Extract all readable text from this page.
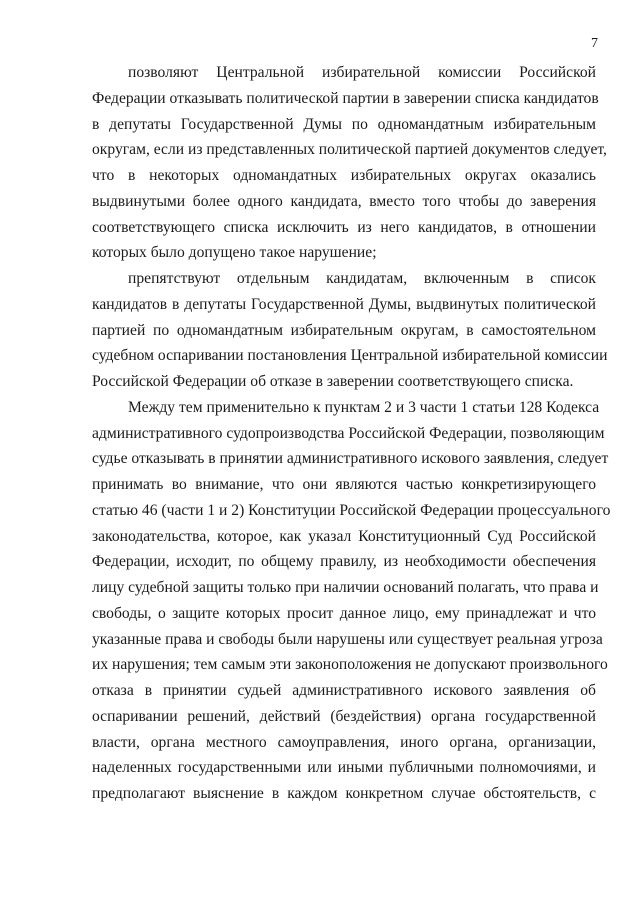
7
позволяют Центральной избирательной комиссии Российской
Федерации отказывать политической партии в заверении списка кандидатов
в депутаты Государственной Думы по одномандатным избирательным
округам, если из представленных политической партией документов следует,
что в некоторых одномандатных избирательных округах оказались
выдвинутыми более одного кандидата, вместо того чтобы до заверения
соответствующего списка исключить из него кандидатов, в отношении
которых было допущено такое нарушение;
препятствуют отдельным кандидатам, включенным в список
кандидатов в депутаты Государственной Думы, выдвинутых политической
партией по одномандатным избирательным округам, в самостоятельном
судебном оспаривании постановления Центральной избирательной комиссии
Российской Федерации об отказе в заверении соответствующего списка.
Между тем применительно к пунктам 2 и 3 части 1 статьи 128 Кодекса
административного судопроизводства Российской Федерации, позволяющим
судье отказывать в принятии административного искового заявления, следует
принимать во внимание, что они являются частью конкретизирующего
статью 46 (части 1 и 2) Конституции Российской Федерации процессуального
законодательства, которое, как указал Конституционный Суд Российской
Федерации, исходит, по общему правилу, из необходимости обеспечения
лицу судебной защиты только при наличии оснований полагать, что права и
свободы, о защите которых просит данное лицо, ему принадлежат и что
указанные права и свободы были нарушены или существует реальная угроза
их нарушения; тем самым эти законоположения не допускают произвольного
отказа в принятии судьей административного искового заявления об
оспаривании решений, действий (бездействия) органа государственной
власти, органа местного самоуправления, иного органа, организации,
наделенных государственными или иными публичными полномочиями, и
предполагают выяснение в каждом конкретном случае обстоятельств, с
